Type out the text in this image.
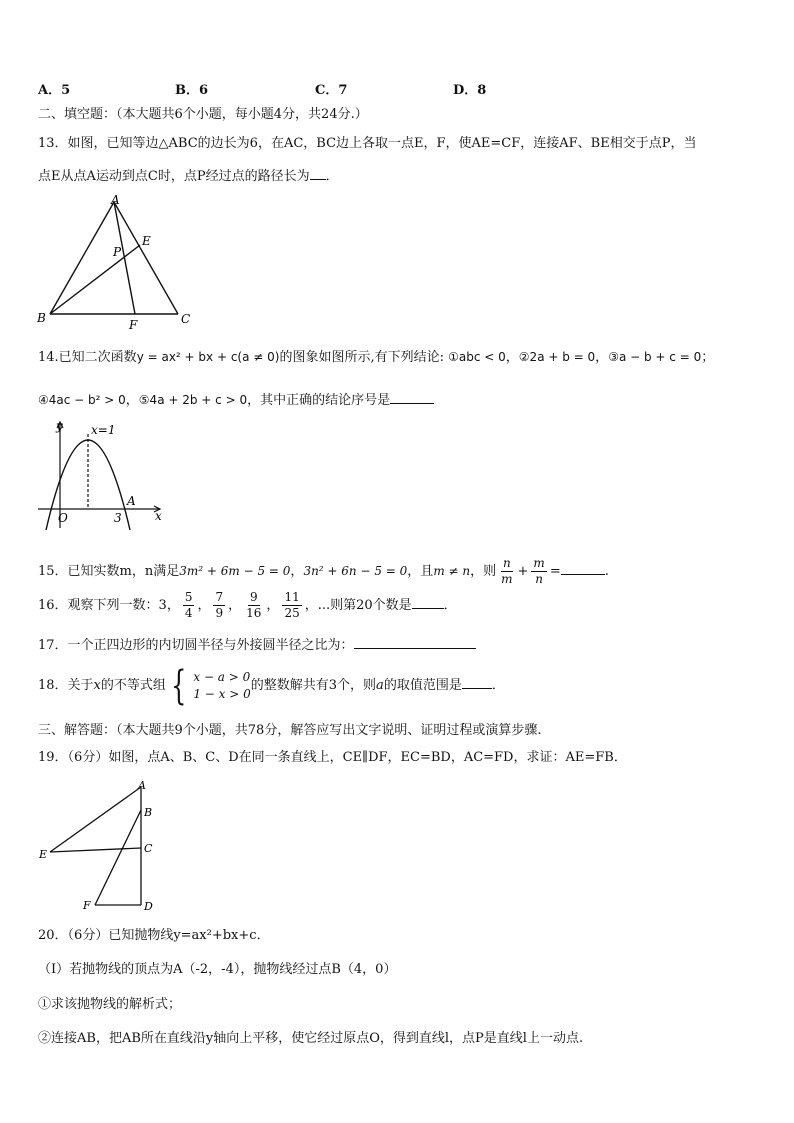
A．5	B．6	C．7	D．8
二、填空题：（本大题共6个小题，每小题4分，共24分.）
13．如图，已知等边△ABC的边长为6，在AC，BC边上各取一点E，F，使AE=CF，连接AF、BE相交于点P，当
点E从点A运动到点C时，点P经过点的路径长为 ．
A
B	C
E
F
P
14.已知二次函数y = ax² + bx + c(a ≠ 0)的图象如图所示,有下列结论: ①abc < 0，②2a + b = 0，③a − b + c = 0；
④4ac − b² > 0，⑤4a + 2b + c > 0，其中正确的结论序号是
y
x
x=1
O	3
A
15．已知实数m，n满足3m² + 6m − 5 = 0，3n² + 6n − 5 = 0，且m ≠ n，则 $\frac{n}{m} + \frac{m}{n}$ =	.
16．观察下列一数：3， $\frac{5}{4}$ ， $\frac{7}{9}$ ， $\frac{9}{16}$ ， $\frac{11}{25}$ ，...则第20个数是 ．
17．一个正四边形的内切圆半径与外接圆半径之比为：
18．关于x的不等式组 { x − a > 0
1 − x > 0
的整数解共有3个，则a的取值范围是 ．
三、解答题：（本大题共9个小题，共78分，解答应写出文字说明、证明过程或演算步骤.
19．（6分）如图，点A、B、C、D在同一条直线上，CE∥DF，EC=BD，AC=FD，求证：AE=FB．
A
B
C
D
E
F
20．（6分）已知抛物线y=ax²+bx+c．
（Ⅰ）若抛物线的顶点为A（-2，-4），抛物线经过点B（4，0）
①求该抛物线的解析式；
②连接AB，把AB所在直线沿y轴向上平移，使它经过原点O，得到直线l，点P是直线l上一动点.
